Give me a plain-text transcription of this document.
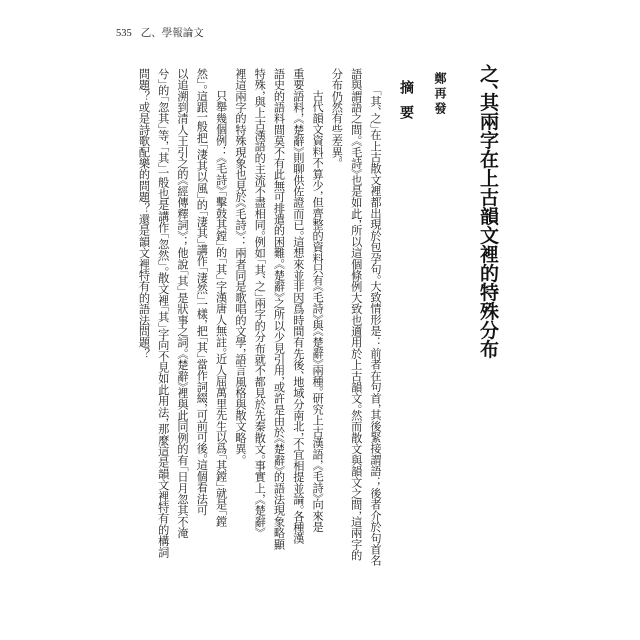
535 乙、學報論文
之、其兩字在上古韻文裡的特殊分布
鄭再發
摘要
「其、之」在上古散文裡都出現於包孕句。大致情形是：前者在句首，其後緊接謂語；後者介於句首名
語與謂語之間。《毛詩》也是如此，所以這個條例大致也適用於上古韻文。然而散文與韻文之間，這兩字的
分布仍然有些差異。
古代韻文資料不算少，但齊整的資料只有《毛詩》與《楚辭》兩種。研究上古漢語，《毛詩》向來是
重要語料，《楚辭》則聊供佐證而已。這想來並非因爲時間有先後、地域分南北，不宜相提並論。各種漢
語史的語料間莫不有此無可排遣的困難。《楚辭》之所以少見引用，或許是由於《楚辭》的語法現象略顯
特殊，與上古漢語的主流不盡相同。例如「其、之」兩字的分布就不都見於先秦散文。事實上，《楚辭》
裡這兩字的特殊現象也見於《毛詩》：兩者同是歌唱的文學，語言風格與散文略異。
只舉幾個例：《毛詩》「擊鼓其鏜」的「其」字漢唐人無註。近人屈萬里先生以爲「其鏜」就是「鏜
然」。這跟一般把「淒其以風」的「淒其」講作「淒然」一樣，把「其」當作詞綴，可前可後。這個看法可
以追溯到清人王引之的《經傳釋詞》；他說「其」是狀事之詞。《楚辭》裡與此同例的有「日月忽其不淹
兮」的「忽其」等，「其」一般也是講作「忽然」。散文裡「其」字向不見如此用法，那麼這是韻文裡特有的構詞
問題？或是詩歌配樂的問題？還是韻文裡特有的語法問題？
